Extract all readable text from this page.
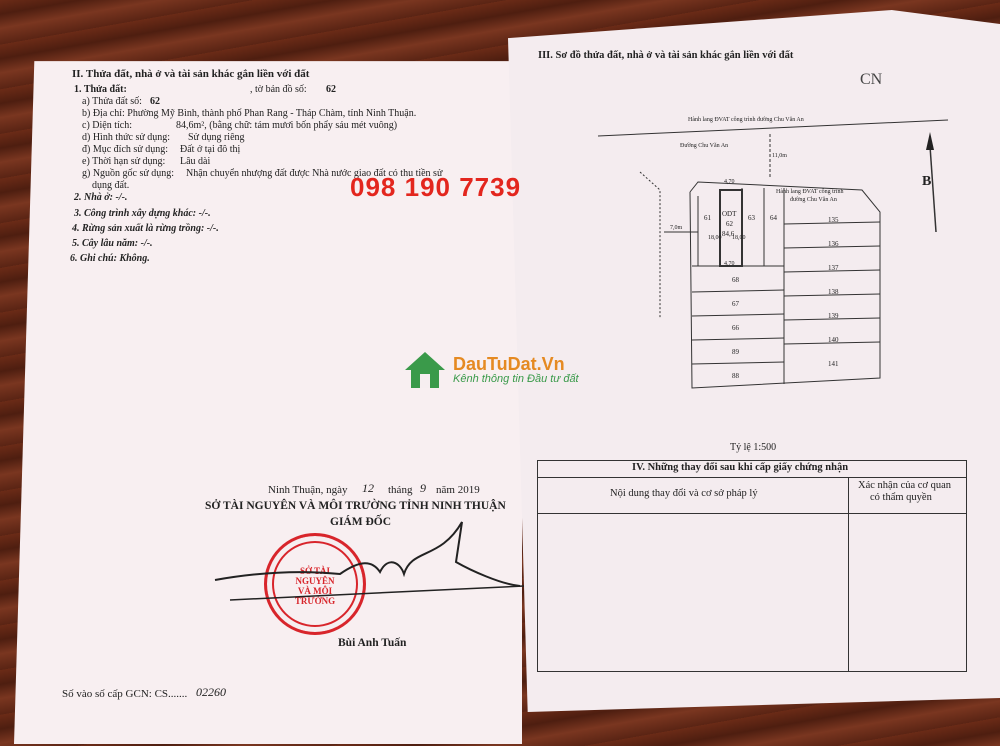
II. Thửa đất, nhà ở và tài sản khác gắn liền với đất
1. Thửa đất:
a) Thửa đất số: 62
, tờ bản đồ số: 62
b) Địa chỉ: Phường Mỹ Bình, thành phố Phan Rang - Tháp Chàm, tỉnh Ninh Thuận.
c) Diện tích:	84,6m², (bằng chữ: tám mươi bốn phẩy sáu mét vuông)
d) Hình thức sử dụng: Sử dụng riêng
đ) Mục đích sử dụng: Đất ở tại đô thị
e) Thời hạn sử dụng: Lâu dài
g) Nguồn gốc sử dụng: Nhận chuyển nhượng đất được Nhà nước giao đất có thu tiền sử
dụng đất.
2. Nhà ở: -/-.
3. Công trình xây dựng khác: -/-.
4. Rừng sản xuất là rừng trồng: -/-.
5. Cây lâu năm: -/-.
6. Ghi chú: Không.
098 190 7739
DauTuDat.Vn
Kênh thông tin Đầu tư đất
Ninh Thuận, ngày 12 tháng 9 năm 2019
SỞ TÀI NGUYÊN VÀ MÔI TRƯỜNG TỈNH NINH THUẬN
GIÁM ĐỐC
SỞ TÀI NGUYÊN VÀ MÔI TRƯỜNG
Bùi Anh Tuấn
Số vào số cấp GCN: CS....... 02260
III. Sơ đồ thửa đất, nhà ở và tài sản khác gắn liền với đất
CN
Hành lang ĐVAT công trình đường Chu Văn An
Đường Chu Văn An
Hành lang ĐVAT công trình
đường Chu Văn An
11,0m
7,0m
4,70
4,70
18,00 18,00
ODT
62
84,6
61	63 64
68
67
66
89
88
135
136
137
138
139
140
141
B
Tỷ lệ 1:500
IV. Những thay đổi sau khi cấp giấy chứng nhận
Nội dung thay đổi và cơ sở pháp lý
Xác nhận của cơ quan
có thẩm quyền
